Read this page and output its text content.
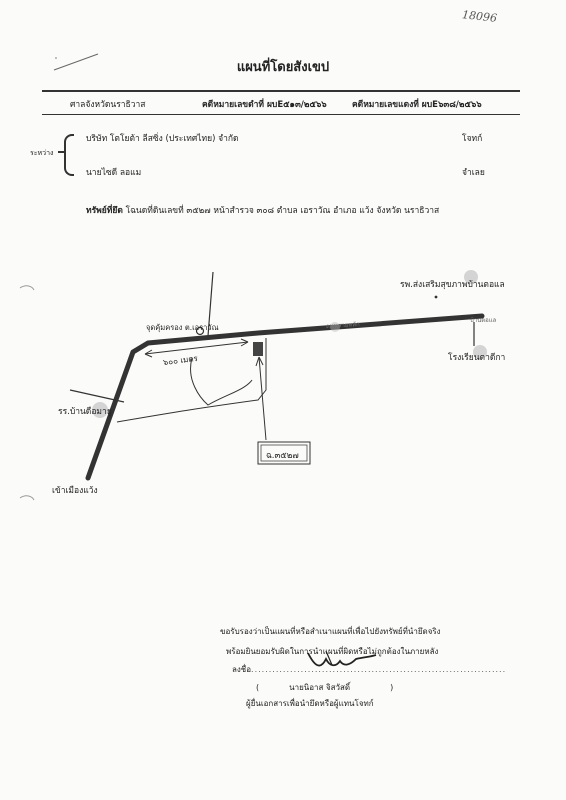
18096
แผนที่โดยสังเขป
ศาลจังหวัดนราธิวาส	คดีหมายเลขดำที่ ผบE๕๑๓/๒๕๖๖	คดีหมายเลขแดงที่ ผบE๖๓๘/๒๕๖๖
ระหว่าง
บริษัท โตโยต้า ลีสซิ่ง (ประเทศไทย) จำกัด	โจทก์
นายไซดี ลอแม	จำเลย
ทรัพย์ที่ยึด โฉนดที่ดินเลขที่ ๓๕๒๗ หน้าสำรวจ ๓๐๘ ตำบล เอราวัณ อำเภอ แว้ง จังหวัด นราธิวาส
รพ.ส่งเสริมสุขภาพบ้านตอแล
บ้านตอแล
โรงเรียนตาดีกา
จุดคุ้มครอง ต.เอราวัณ
๖๐๐ เมตร
ถนนสายหลัก
รร.บ้านดือมายู
ฉ.๓๕๒๗
เข้าเมืองแว้ง
ขอรับรองว่าเป็นแผนที่หรือสำเนาแผนที่เพื่อไปยังทรัพย์ที่นำยึดจริง
พร้อมยินยอมรับผิดในการนำแผนที่ผิดหรือไม่ถูกต้องในภายหลัง
ลงชื่อ........................................................................
(	นายนิอาส จิสวัสดิ์	)
ผู้ยื่นเอกสารเพื่อนำยึดหรือผู้แทนโจทก์
